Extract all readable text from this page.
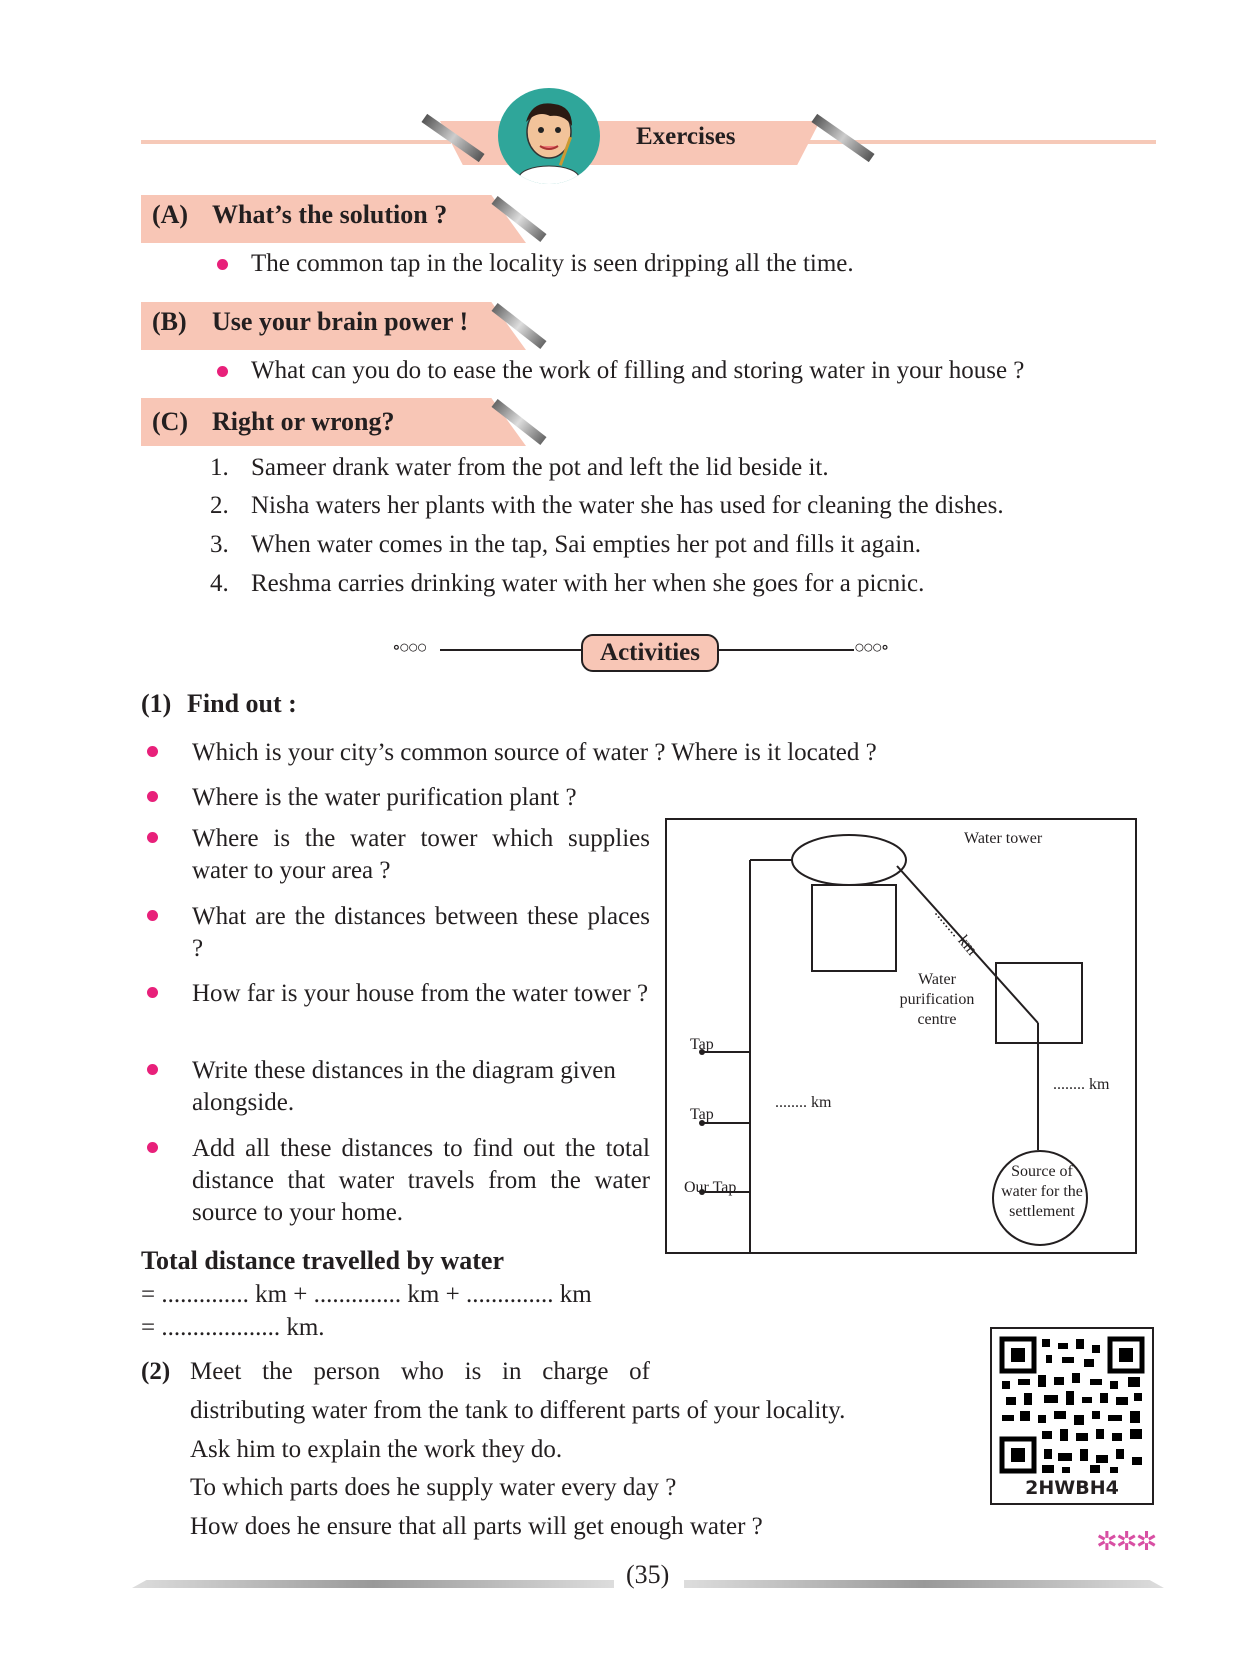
Exercises
(A) What’s the solution ?
The common tap in the locality is seen dripping all the time.
(B) Use your brain power !
What can you do to ease the work of filling and storing water in your house ?
(C) Right or wrong?
1. Sameer drank water from the pot and left the lid beside it.
2. Nisha waters her plants with the water she has used for cleaning the dishes.
3. When water comes in the tap, Sai empties her pot and fills it again.
4. Reshma carries drinking water with her when she goes for a picnic.
∘○○○	Activities	○○○∘
(1) Find out :
Which is your city’s common source of water ? Where is it located ?
Where is the water purification plant ?
Where is the water tower which supplies water to your area ?
What are the distances between these places ?
How far is your house from the water tower ?
Write these distances in the diagram given alongside.
Add all these distances to find out the total distance that water travels from the water source to your home.
Water tower
........ km
Water
purification
centre
........ km
........ km
Source of
water for the
settlement
Tap
Tap
Our Tap
Total distance travelled by water
= .............. km + .............. km + .............. km
= ................... km.
(2) Meet the person who is in charge of
distributing water from the tank to different parts of your locality.
Ask him to explain the work they do.
To which parts does he supply water every day ?
How does he ensure that all parts will get enough water ?
2HWBH4
✲✲✲
(35)
